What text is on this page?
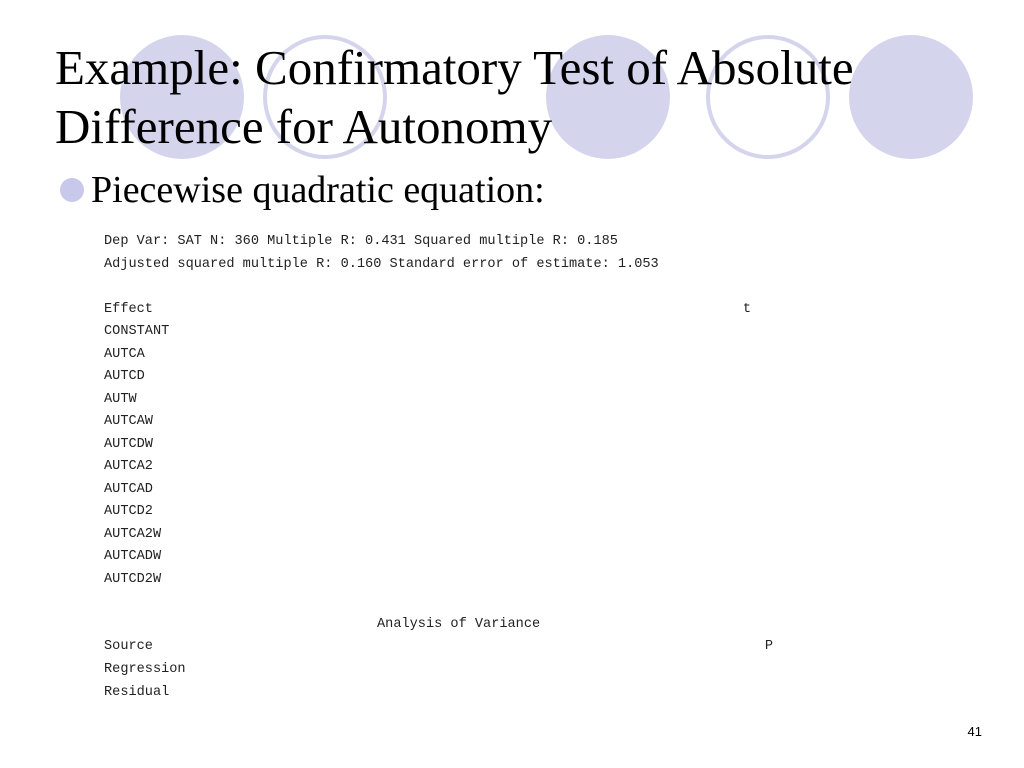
Example: Confirmatory Test of Absolute
Difference for Autonomy
Piecewise quadratic equation:
Dep Var: SAT N: 360 Multiple R: 0.431 Squared multiple R: 0.185
Adjusted squared multiple R: 0.160 Standard error of estimate: 1.053
Effect	t
CONSTANT
AUTCA
AUTCD
AUTW
AUTCAW
AUTCDW
AUTCA2
AUTCAD
AUTCD2
AUTCA2W
AUTCADW
AUTCD2W
Analysis of Variance
Source	P
Regression
Residual
41
